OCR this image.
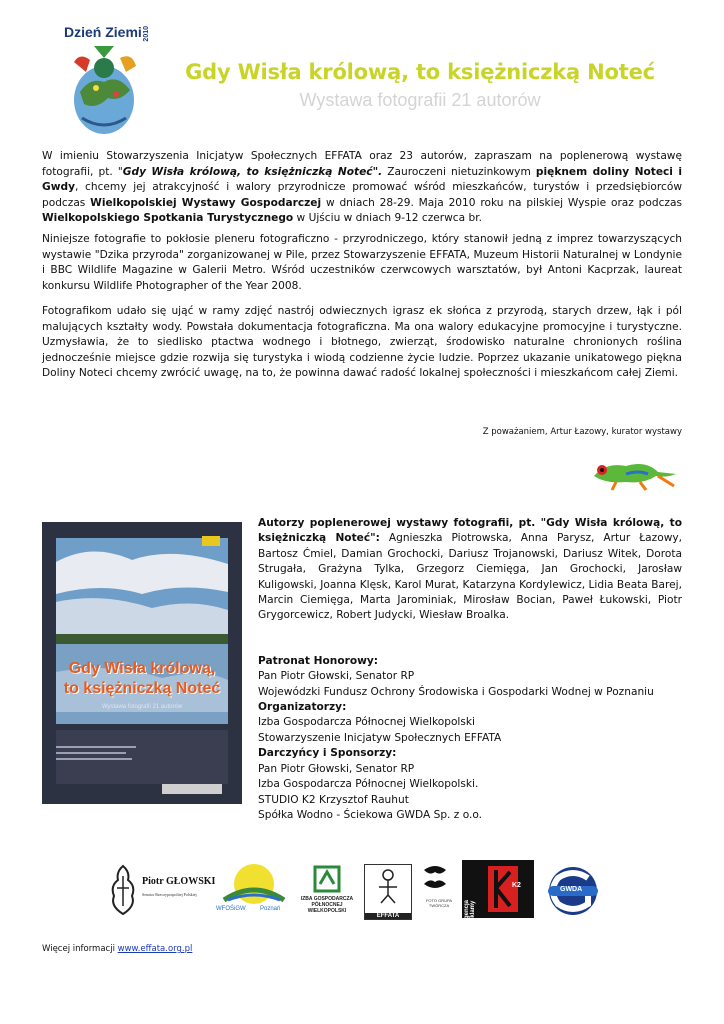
Dzień Ziemi 2010
Gdy Wisła królową, to księżniczką Noteć
Wystawa fotografii 21 autorów
W imieniu Stowarzyszenia Inicjatyw Społecznych EFFATA oraz 23 autorów, zapraszam na poplenerową wystawę fotografii, pt. "Gdy Wisła królową, to księżniczką Noteć". Zauroczeni nietuzinkowym pięknem doliny Noteci i Gwdy, chcemy jej atrakcyjność i walory przyrodnicze promować wśród mieszkańców, turystów i przedsiębiorców podczas Wielkopolskiej Wystawy Gospodarczej w dniach 28-29. Maja 2010 roku na pilskiej Wyspie oraz podczas Wielkopolskiego Spotkania Turystycznego w Ujściu w dniach 9-12 czerwca br.
Niniejsze fotografie to pokłosie pleneru fotograficzno - przyrodniczego, który stanowił jedną z imprez towarzyszących wystawie "Dzika przyroda" zorganizowanej w Pile, przez Stowarzyszenie EFFATA, Muzeum Historii Naturalnej w Londynie i BBC Wildlife Magazine w Galerii Metro. Wśród uczestników czerwcowych warsztatów, był Antoni Kacprzak, laureat konkursu Wildlife Photographer of the Year 2008.
Fotografikom udało się ująć w ramy zdjęć nastrój odwiecznych igrasz ek słońca z przyrodą, starych drzew, łąk i pól malujących kształty wody. Powstała dokumentacja fotograficzna. Ma ona walory edukacyjne promocyjne i turystyczne. Uzmysławia, że to siedlisko ptactwa wodnego i błotnego, zwierząt, środowisko naturalne chronionych roślina jednocześnie miejsce gdzie rozwija się turystyka i wiodą codzienne życie ludzie. Poprzez ukazanie unikatowego piękna Doliny Noteci chcemy zwrócić uwagę, na to, że powinna dawać radość lokalnej społeczności i mieszkańcom całej Ziemi.
Z poważaniem, Artur Łazowy, kurator wystawy
Gdy Wisła królową,
to księżniczką Noteć
Wystawa fotografii 21 autorów

Autorzy poplenerowej wystawy fotografii, pt. "Gdy Wisła królową, to księżniczką Noteć": Agnieszka Piotrowska, Anna Parysz, Artur Łazowy, Bartosz Ćmiel, Damian Grochocki, Dariusz Trojanowski, Dariusz Witek, Dorota Strugała, Grażyna Tylka, Grzegorz Ciemięga, Jan Grochocki, Jarosław Kuligowski, Joanna Klęsk, Karol Murat, Katarzyna Kordylewicz, Lidia Beata Barej, Marcin Ciemięga, Marta Jarominiak, Mirosław Bocian, Paweł Łukowski, Piotr Grygorcewicz, Robert Judycki, Wiesław Broalka.

Patronat Honorowy:

Pan Piotr Głowski, Senator RP

Wojewódzki Fundusz Ochrony Środowiska i Gospodarki Wodnej w Poznaniu

Organizatorzy:

Izba Gospodarcza Północnej Wielkopolski

Stowarzyszenie Inicjatyw Społecznych EFFATA

Darczyńcy i Sponsorzy:

Pan Piotr Głowski, Senator RP

Izba Gospodarcza Północnej Wielkopolski.

STUDIO K2 Krzysztof Rauhut

Spółka Wodno - Ściekowa GWDA Sp. z o.o.

Piotr GŁOWSKI
Senator Rzeczypospolitej Polskiej
WFOŚiGW Poznań
IZBA GOSPODARCZA PÓŁNOCNEJ WIELKOPOLSKI
EFFATA
FOTO GRUPA TWÓRCZA	Agencja reklamy
K2
GWDA
Więcej informacji www.effata.org.pl
